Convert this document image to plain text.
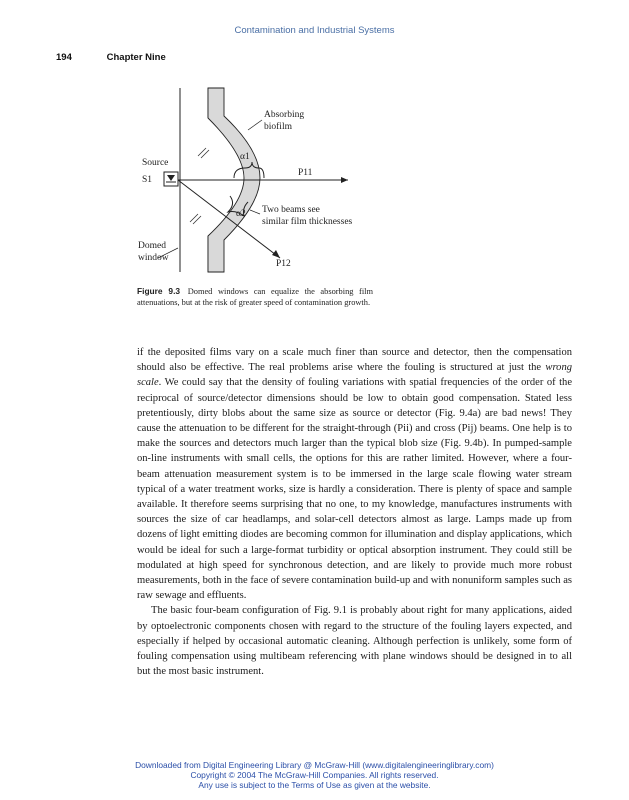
Contamination and Industrial Systems
194	Chapter Nine
Absorbing
biofilm
α1
P11
Source
S1
α2 Two beams see
similar film thicknesses
Domed
window
P12
Figure 9.3 Domed windows can equalize the absorbing film attenuations, but at the risk of greater speed of contamination growth.

if the deposited films vary on a scale much finer than source and detector, then the compensation should also be effective. The real problems arise where the fouling is structured at just the wrong scale. We could say that the density of fouling variations with spatial frequencies of the order of the reciprocal of source/detector dimensions should be low to obtain good compensation. Stated less pretentiously, dirty blobs about the same size as source or detector (Fig. 9.4a) are bad news! They cause the attenuation to be different for the straight-through (Pii) and cross (Pij) beams. One help is to make the sources and detectors much larger than the typical blob size (Fig. 9.4b). In pumped-sample on-line instruments with small cells, the options for this are rather limited. However, where a four-beam attenuation measurement system is to be immersed in the large scale flowing water stream typical of a water treatment works, size is hardly a consideration. There is plenty of space and sample available. It therefore seems surprising that no one, to my knowledge, manufactures instruments with sources the size of car headlamps, and solar-cell detectors almost as large. Lamps made up from dozens of light emitting diodes are becoming common for illumination and display applications, which would be ideal for such a large-format turbidity or optical absorption instrument. They could still be modulated at high speed for synchronous detection, and are likely to provide much more robust measurements, both in the face of severe contamination build-up and with nonuniform samples such as raw sewage and effluents.

The basic four-beam configuration of Fig. 9.1 is probably about right for many applications, aided by optoelectronic components chosen with regard to the structure of the fouling layers expected, and especially if helped by occasional automatic cleaning. Although perfection is unlikely, some form of fouling compensation using multibeam referencing with plane windows should be designed in to all but the most basic instrument.

Downloaded from Digital Engineering Library @ McGraw-Hill (www.digitalengineeringlibrary.com)
Copyright © 2004 The McGraw-Hill Companies. All rights reserved.
Any use is subject to the Terms of Use as given at the website.
